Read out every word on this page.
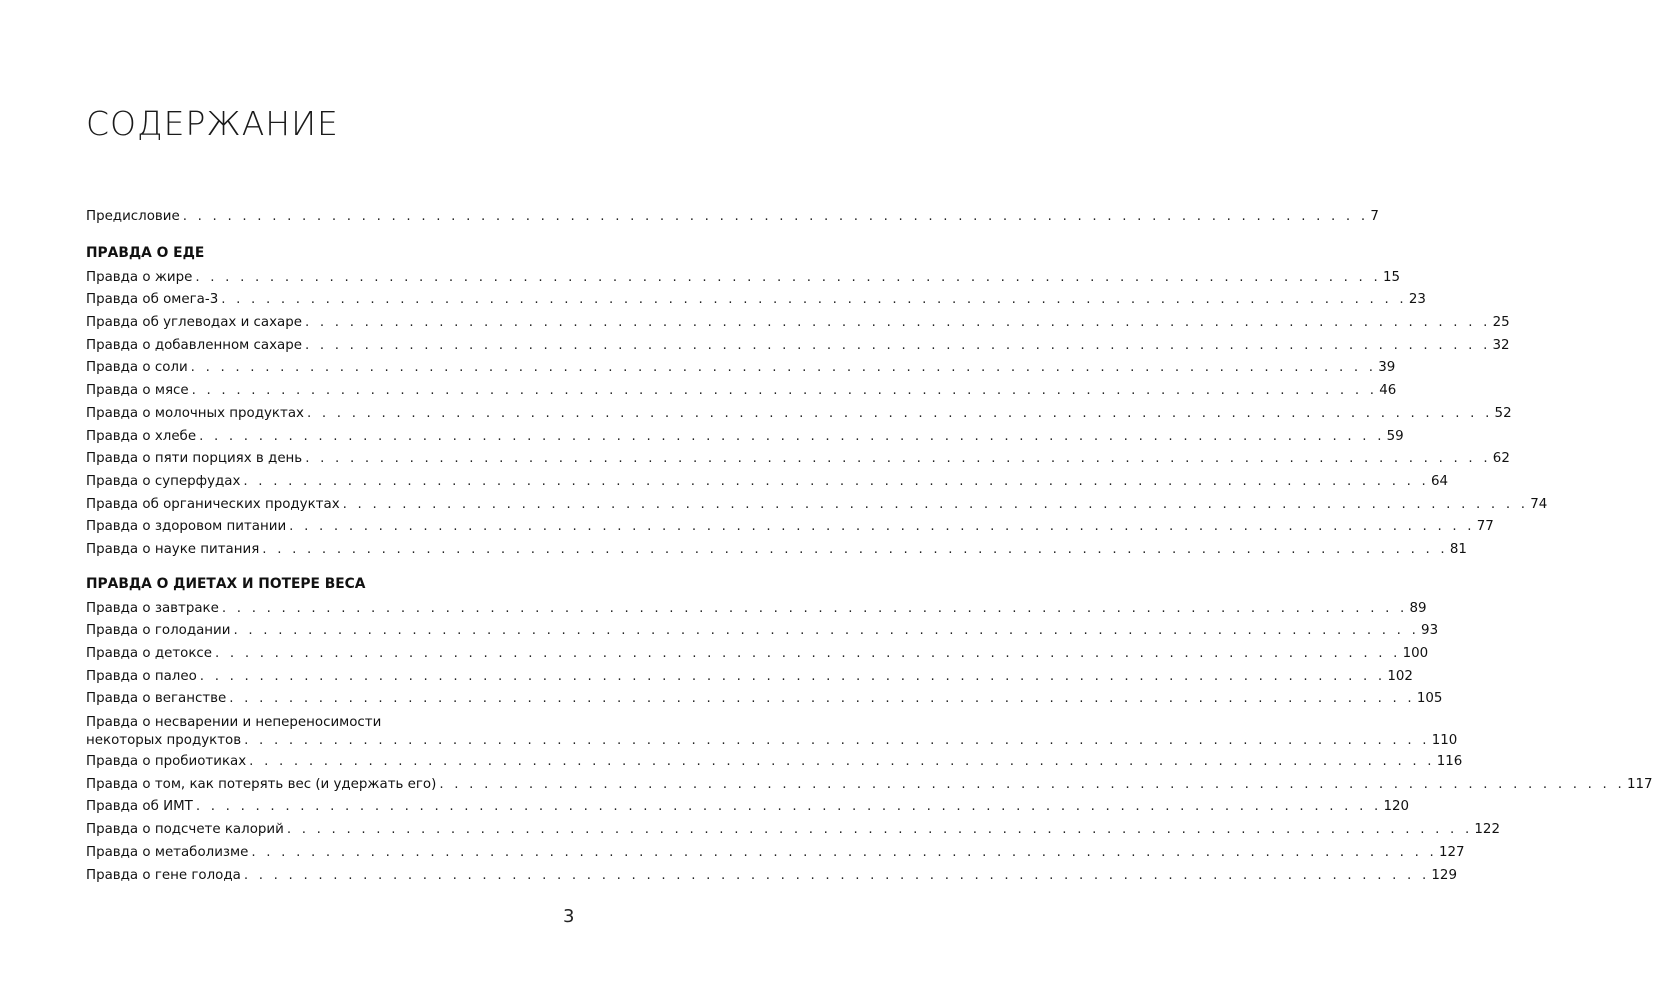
СОДЕРЖАНИЕ
Предисловие . . . . . . . . . . . . . . . . . . . . . . . . . . . . . . . . . . . . . . . . . . . . . . . . . . . . . . . . . . . . . . . . . . . . . . . . . . . . . . . . 7
ПРАВДА О ЕДЕ
Правда о жире . . . . . . . . . . . . . . . . . . . . . . . . . . . . . . . . . . . . . . . . . . . . . . . . . . . . . . . . . . . . . . . . . . . . . . . . . . . . . . . . 15
Правда об омега-3 . . . . . . . . . . . . . . . . . . . . . . . . . . . . . . . . . . . . . . . . . . . . . . . . . . . . . . . . . . . . . . . . . . . . . . . . . . . . . . . . 23
Правда об углеводах и сахаре . . . . . . . . . . . . . . . . . . . . . . . . . . . . . . . . . . . . . . . . . . . . . . . . . . . . . . . . . . . . . . . . . . . . . . . . . . . . . . . . 25
Правда о добавленном сахаре . . . . . . . . . . . . . . . . . . . . . . . . . . . . . . . . . . . . . . . . . . . . . . . . . . . . . . . . . . . . . . . . . . . . . . . . . . . . . . . . 32
Правда о соли . . . . . . . . . . . . . . . . . . . . . . . . . . . . . . . . . . . . . . . . . . . . . . . . . . . . . . . . . . . . . . . . . . . . . . . . . . . . . . . . 39
Правда о мясе . . . . . . . . . . . . . . . . . . . . . . . . . . . . . . . . . . . . . . . . . . . . . . . . . . . . . . . . . . . . . . . . . . . . . . . . . . . . . . . . 46
Правда о молочных продуктах . . . . . . . . . . . . . . . . . . . . . . . . . . . . . . . . . . . . . . . . . . . . . . . . . . . . . . . . . . . . . . . . . . . . . . . . . . . . . . . . 52
Правда о хлебе . . . . . . . . . . . . . . . . . . . . . . . . . . . . . . . . . . . . . . . . . . . . . . . . . . . . . . . . . . . . . . . . . . . . . . . . . . . . . . . . 59
Правда о пяти порциях в день . . . . . . . . . . . . . . . . . . . . . . . . . . . . . . . . . . . . . . . . . . . . . . . . . . . . . . . . . . . . . . . . . . . . . . . . . . . . . . . . 62
Правда о суперфудах . . . . . . . . . . . . . . . . . . . . . . . . . . . . . . . . . . . . . . . . . . . . . . . . . . . . . . . . . . . . . . . . . . . . . . . . . . . . . . . . 64
Правда об органических продуктах . . . . . . . . . . . . . . . . . . . . . . . . . . . . . . . . . . . . . . . . . . . . . . . . . . . . . . . . . . . . . . . . . . . . . . . . . . . . . . . . 74
Правда о здоровом питании . . . . . . . . . . . . . . . . . . . . . . . . . . . . . . . . . . . . . . . . . . . . . . . . . . . . . . . . . . . . . . . . . . . . . . . . . . . . . . . . 77
Правда о науке питания . . . . . . . . . . . . . . . . . . . . . . . . . . . . . . . . . . . . . . . . . . . . . . . . . . . . . . . . . . . . . . . . . . . . . . . . . . . . . . . . 81
ПРАВДА О ДИЕТАХ И ПОТЕРЕ ВЕСА
Правда о завтраке . . . . . . . . . . . . . . . . . . . . . . . . . . . . . . . . . . . . . . . . . . . . . . . . . . . . . . . . . . . . . . . . . . . . . . . . . . . . . . . . 89
Правда о голодании . . . . . . . . . . . . . . . . . . . . . . . . . . . . . . . . . . . . . . . . . . . . . . . . . . . . . . . . . . . . . . . . . . . . . . . . . . . . . . . . 93
Правда о детоксе . . . . . . . . . . . . . . . . . . . . . . . . . . . . . . . . . . . . . . . . . . . . . . . . . . . . . . . . . . . . . . . . . . . . . . . . . . . . . . . . 100
Правда о палео . . . . . . . . . . . . . . . . . . . . . . . . . . . . . . . . . . . . . . . . . . . . . . . . . . . . . . . . . . . . . . . . . . . . . . . . . . . . . . . . 102
Правда о веганстве . . . . . . . . . . . . . . . . . . . . . . . . . . . . . . . . . . . . . . . . . . . . . . . . . . . . . . . . . . . . . . . . . . . . . . . . . . . . . . . . 105
Правда о несварении и непереносимости
некоторых продуктов . . . . . . . . . . . . . . . . . . . . . . . . . . . . . . . . . . . . . . . . . . . . . . . . . . . . . . . . . . . . . . . . . . . . . . . . . . . . . . . . 110
Правда о пробиотиках . . . . . . . . . . . . . . . . . . . . . . . . . . . . . . . . . . . . . . . . . . . . . . . . . . . . . . . . . . . . . . . . . . . . . . . . . . . . . . . . 116
Правда о том, как потерять вес (и удержать его) . . . . . . . . . . . . . . . . . . . . . . . . . . . . . . . . . . . . . . . . . . . . . . . . . . . . . . . . . . . . . . . . . . . . . . . . . . . . . . . . 117
Правда об ИМТ . . . . . . . . . . . . . . . . . . . . . . . . . . . . . . . . . . . . . . . . . . . . . . . . . . . . . . . . . . . . . . . . . . . . . . . . . . . . . . . . 120
Правда о подсчете калорий . . . . . . . . . . . . . . . . . . . . . . . . . . . . . . . . . . . . . . . . . . . . . . . . . . . . . . . . . . . . . . . . . . . . . . . . . . . . . . . . 122
Правда о метаболизме . . . . . . . . . . . . . . . . . . . . . . . . . . . . . . . . . . . . . . . . . . . . . . . . . . . . . . . . . . . . . . . . . . . . . . . . . . . . . . . . 127
Правда о гене голода . . . . . . . . . . . . . . . . . . . . . . . . . . . . . . . . . . . . . . . . . . . . . . . . . . . . . . . . . . . . . . . . . . . . . . . . . . . . . . . . 129
3
